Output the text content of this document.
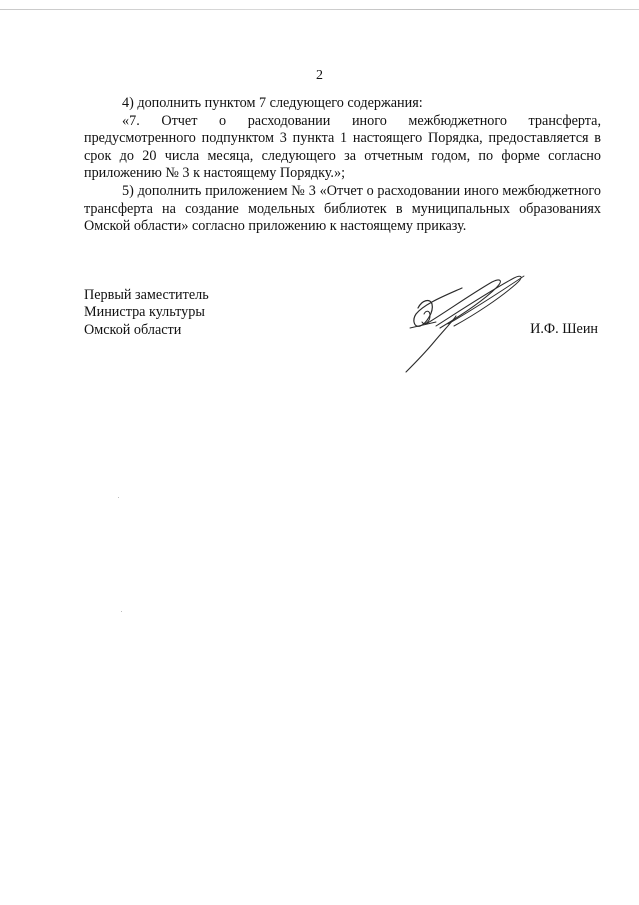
2

4) дополнить пунктом 7 следующего содержания:

«7. Отчет о расходовании иного межбюджетного трансферта, предусмотренного подпунктом 3 пункта 1 настоящего Порядка, предоставляется в срок до 20 числа месяца, следующего за отчетным годом, по форме согласно приложению № 3 к настоящему Порядку.»;

5) дополнить приложением № 3 «Отчет о расходовании иного межбюджетного трансферта на создание модельных библиотек в муниципальных образованиях Омской области» согласно приложению к настоящему приказу.

Первый заместитель
Министра культуры
Омской области	И.Ф. Шеин
